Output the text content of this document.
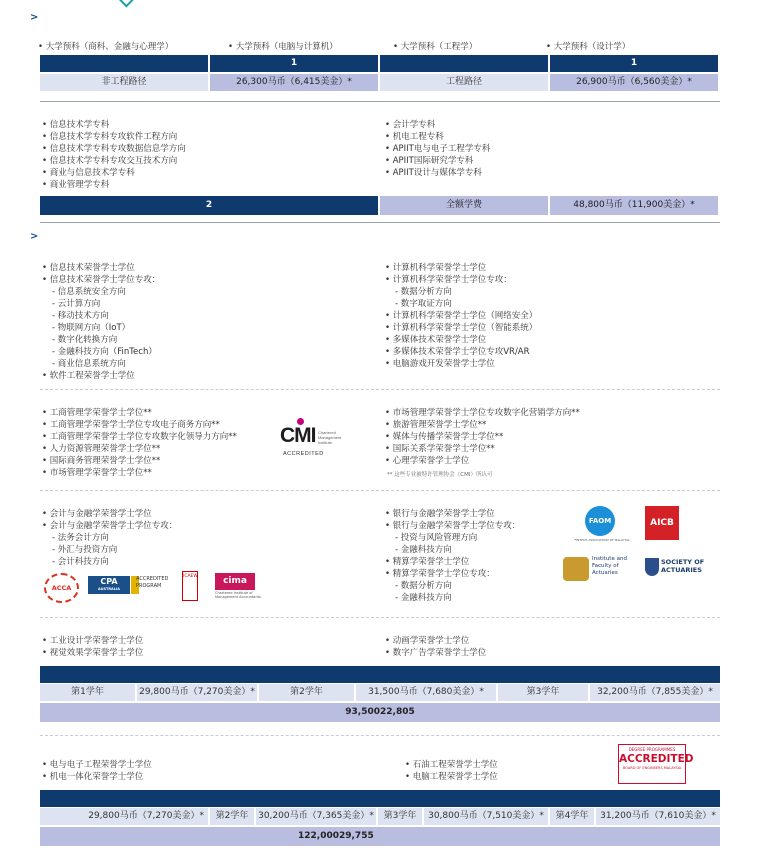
>
• 大学预科（商科、金融与心理学）	• 大学预科（电脑与计算机）	• 大学预科（工程学）	• 大学预科（设计学）
1	1
非工程路径	26,300马币（6,415美金）*	工程路径	26,900马币（6,560美金）*
• 信息技术学专科
• 信息技术学专科专攻软件工程方向
• 信息技术学专科专攻数据信息学方向
• 信息技术学专科专攻交互技术方向
• 商业与信息技术学专科
• 商业管理学专科
• 会计学专科
• 机电工程专科
• APIIT电与电子工程学专科
• APIIT国际研究学专科
• APIIT设计与媒体学专科
2	全额学费	48,800马币（11,900美金）*
>
• 信息技术荣誉学士学位
• 信息技术荣誉学士学位专攻：
- 信息系统安全方向
- 云计算方向
- 移动技术方向
- 物联网方向（IoT）
- 数字化转换方向
- 金融科技方向（FinTech）
- 商业信息系统方向
• 软件工程荣誉学士学位
• 计算机科学荣誉学士学位
• 计算机科学荣誉学士学位专攻：
- 数据分析方向
- 数字取证方向
• 计算机科学荣誉学士学位（网络安全）
• 计算机科学荣誉学士学位（智能系统）
• 多媒体技术荣誉学士学位
• 多媒体技术荣誉学士学位专攻VR/AR
• 电脑游戏开发荣誉学士学位
• 工商管理学荣誉学士学位**
• 工商管理学荣誉学士学位专攻电子商务方向**
• 工商管理学荣誉学士学位专攻数字化领导力方向**
• 人力资源管理荣誉学士学位**
• 国际商务管理荣誉学士学位**
• 市场管理学荣誉学士学位**
CMI Chartered Management Institute
ACCREDITED
• 市场管理学荣誉学士学位专攻数字化营销学方向**
• 旅游管理荣誉学士学位**
• 媒体与传播学荣誉学士学位**
• 国际关系学荣誉学士学位**
• 心理学荣誉学士学位
** 这些专业被特许管理协会（CMI）所认可
• 会计与金融学荣誉学士学位
• 会计与金融学荣誉学士学位专攻：
- 法务会计方向
- 外汇与投资方向
- 会计科技方向
ACCA
CPA
AUSTRALIA
ACCREDITED PROGRAM
ICAEW	cima
Chartered Institute of Management Accountants
• 银行与金融学荣誉学士学位
• 银行与金融学荣誉学士学位专攻：
- 投资与风险管理方向
- 金融科技方向
• 精算学荣誉学士学位
• 精算学荣誉学士学位专攻：
- 数据分析方向
- 金融科技方向
FAOM
FINTECH ASSOCIATION OF MALAYSIA
AICB
Institute and Faculty of Actuaries
SOCIETY OF ACTUARIES
• 工业设计学荣誉学士学位
• 视觉效果学荣誉学士学位
• 动画学荣誉学士学位
• 数字广告学荣誉学士学位
第1学年	29,800马币（7,270美金）*	第2学年	31,500马币（7,680美金）*	第3学年	32,200马币（7,855美金）*
93,50022,805
• 电与电子工程荣誉学士学位
• 机电一体化荣誉学士学位
• 石油工程荣誉学士学位
• 电脑工程荣誉学士学位
DEGREE PROGRAMMES
ACCREDITED
BOARD OF ENGINEERS MALAYSIA
29,800马币（7,270美金）*	第2学年	30,200马币（7,365美金）*	第3学年	30,800马币（7,510美金）*	第4学年	31,200马币（7,610美金）*
122,00029,755
